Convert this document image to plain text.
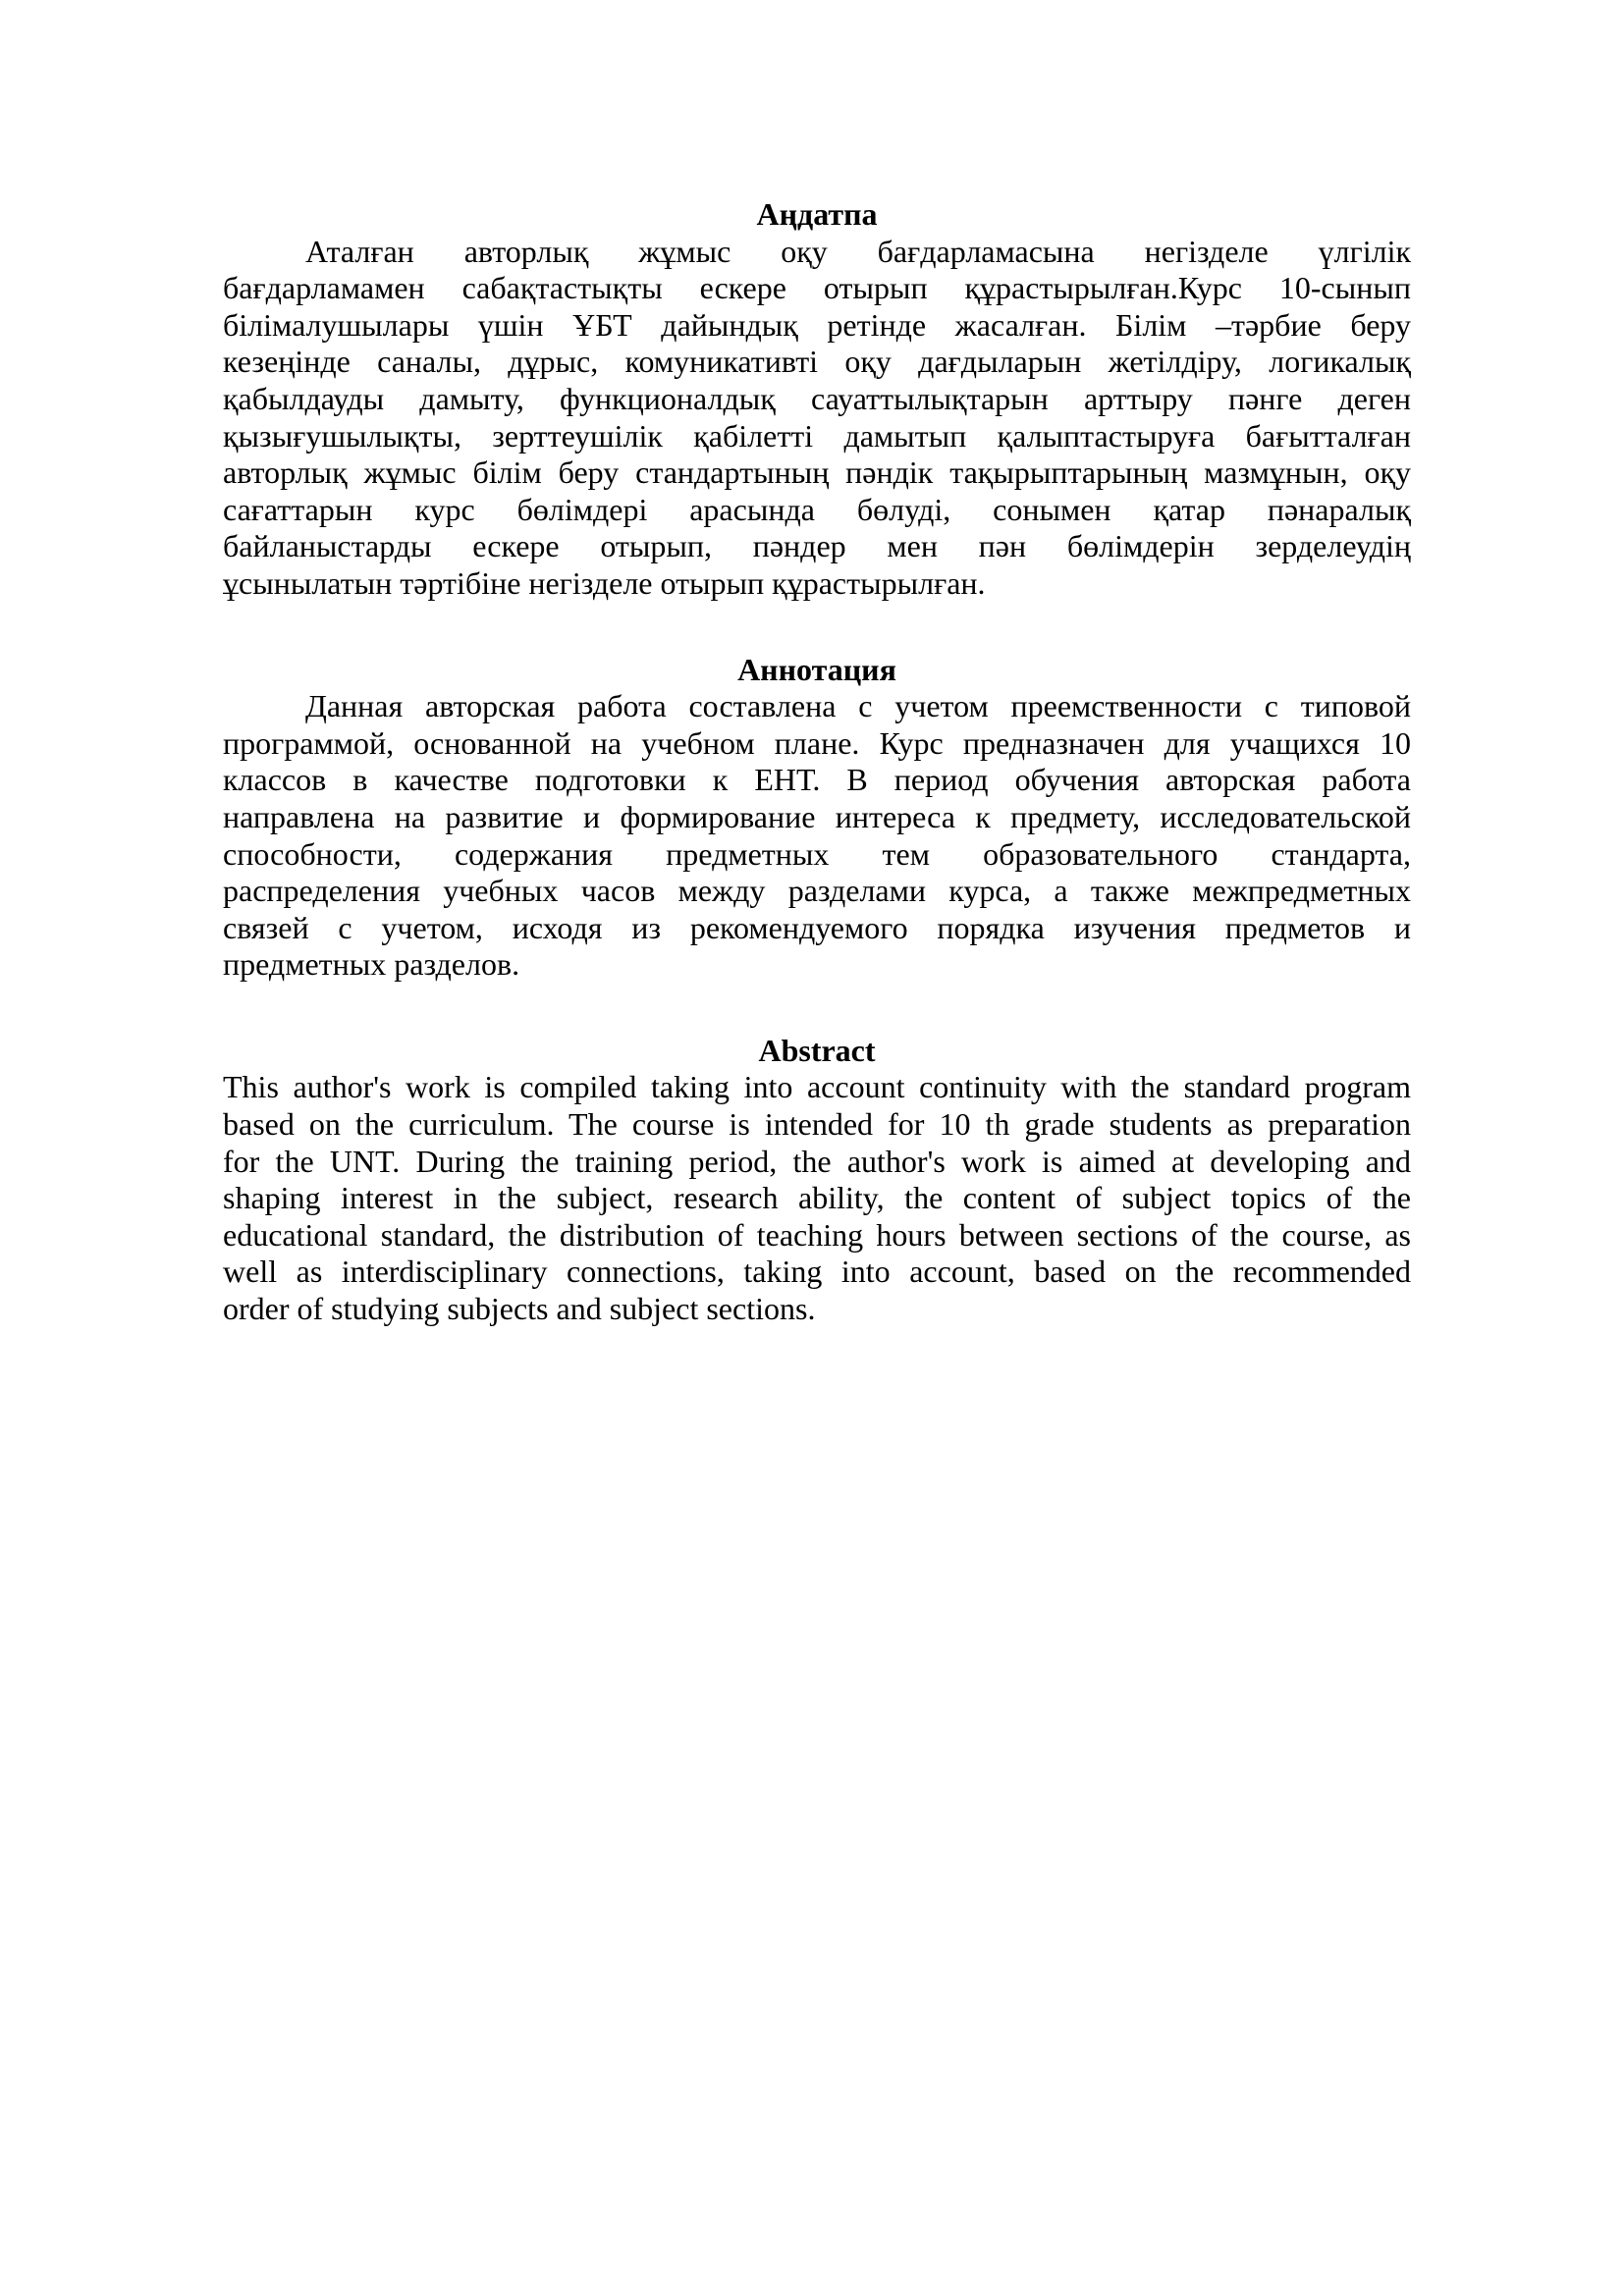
Аңдатпа
Аталған авторлық жұмыс оқу бағдарламасына негізделе үлгілік
бағдарламамен сабақтастықты ескере отырып құрастырылған.Курс 10-сынып
білімалушылары үшін ҰБТ дайындық ретінде жасалған. Білім –тәрбие беру
кезеңінде саналы, дұрыс, комуникативті оқу дағдыларын жетілдіру, логикалық
қабылдауды дамыту, функционалдық сауаттылықтарын арттыру пәнге деген
қызығушылықты, зерттеушілік қабілетті дамытып қалыптастыруға бағытталған
авторлық жұмыс білім беру стандартының пәндік тақырыптарының мазмұнын, оқу
сағаттарын курс бөлімдері арасында бөлуді, сонымен қатар пәнаралық
байланыстарды ескере отырып, пәндер мен пән бөлімдерін зерделеудің
ұсынылатын тәртібіне негізделе отырып құрастырылған.
Аннотация
Данная авторская работа составлена с учетом преемственности с типовой
программой, основанной на учебном плане. Курс предназначен для учащихся 10
классов в качестве подготовки к ЕНТ. В период обучения авторская работа
направлена на развитие и формирование интереса к предмету, исследовательской
способности, содержания предметных тем образовательного стандарта,
распределения учебных часов между разделами курса, а также межпредметных
связей с учетом, исходя из рекомендуемого порядка изучения предметов и
предметных разделов.
Abstract
This author's work is compiled taking into account continuity with the standard program
based on the curriculum. The course is intended for 10 th grade students as preparation
for the UNT. During the training period, the author's work is aimed at developing and
shaping interest in the subject, research ability, the content of subject topics of the
educational standard, the distribution of teaching hours between sections of the course, as
well as interdisciplinary connections, taking into account, based on the recommended
order of studying subjects and subject sections.
